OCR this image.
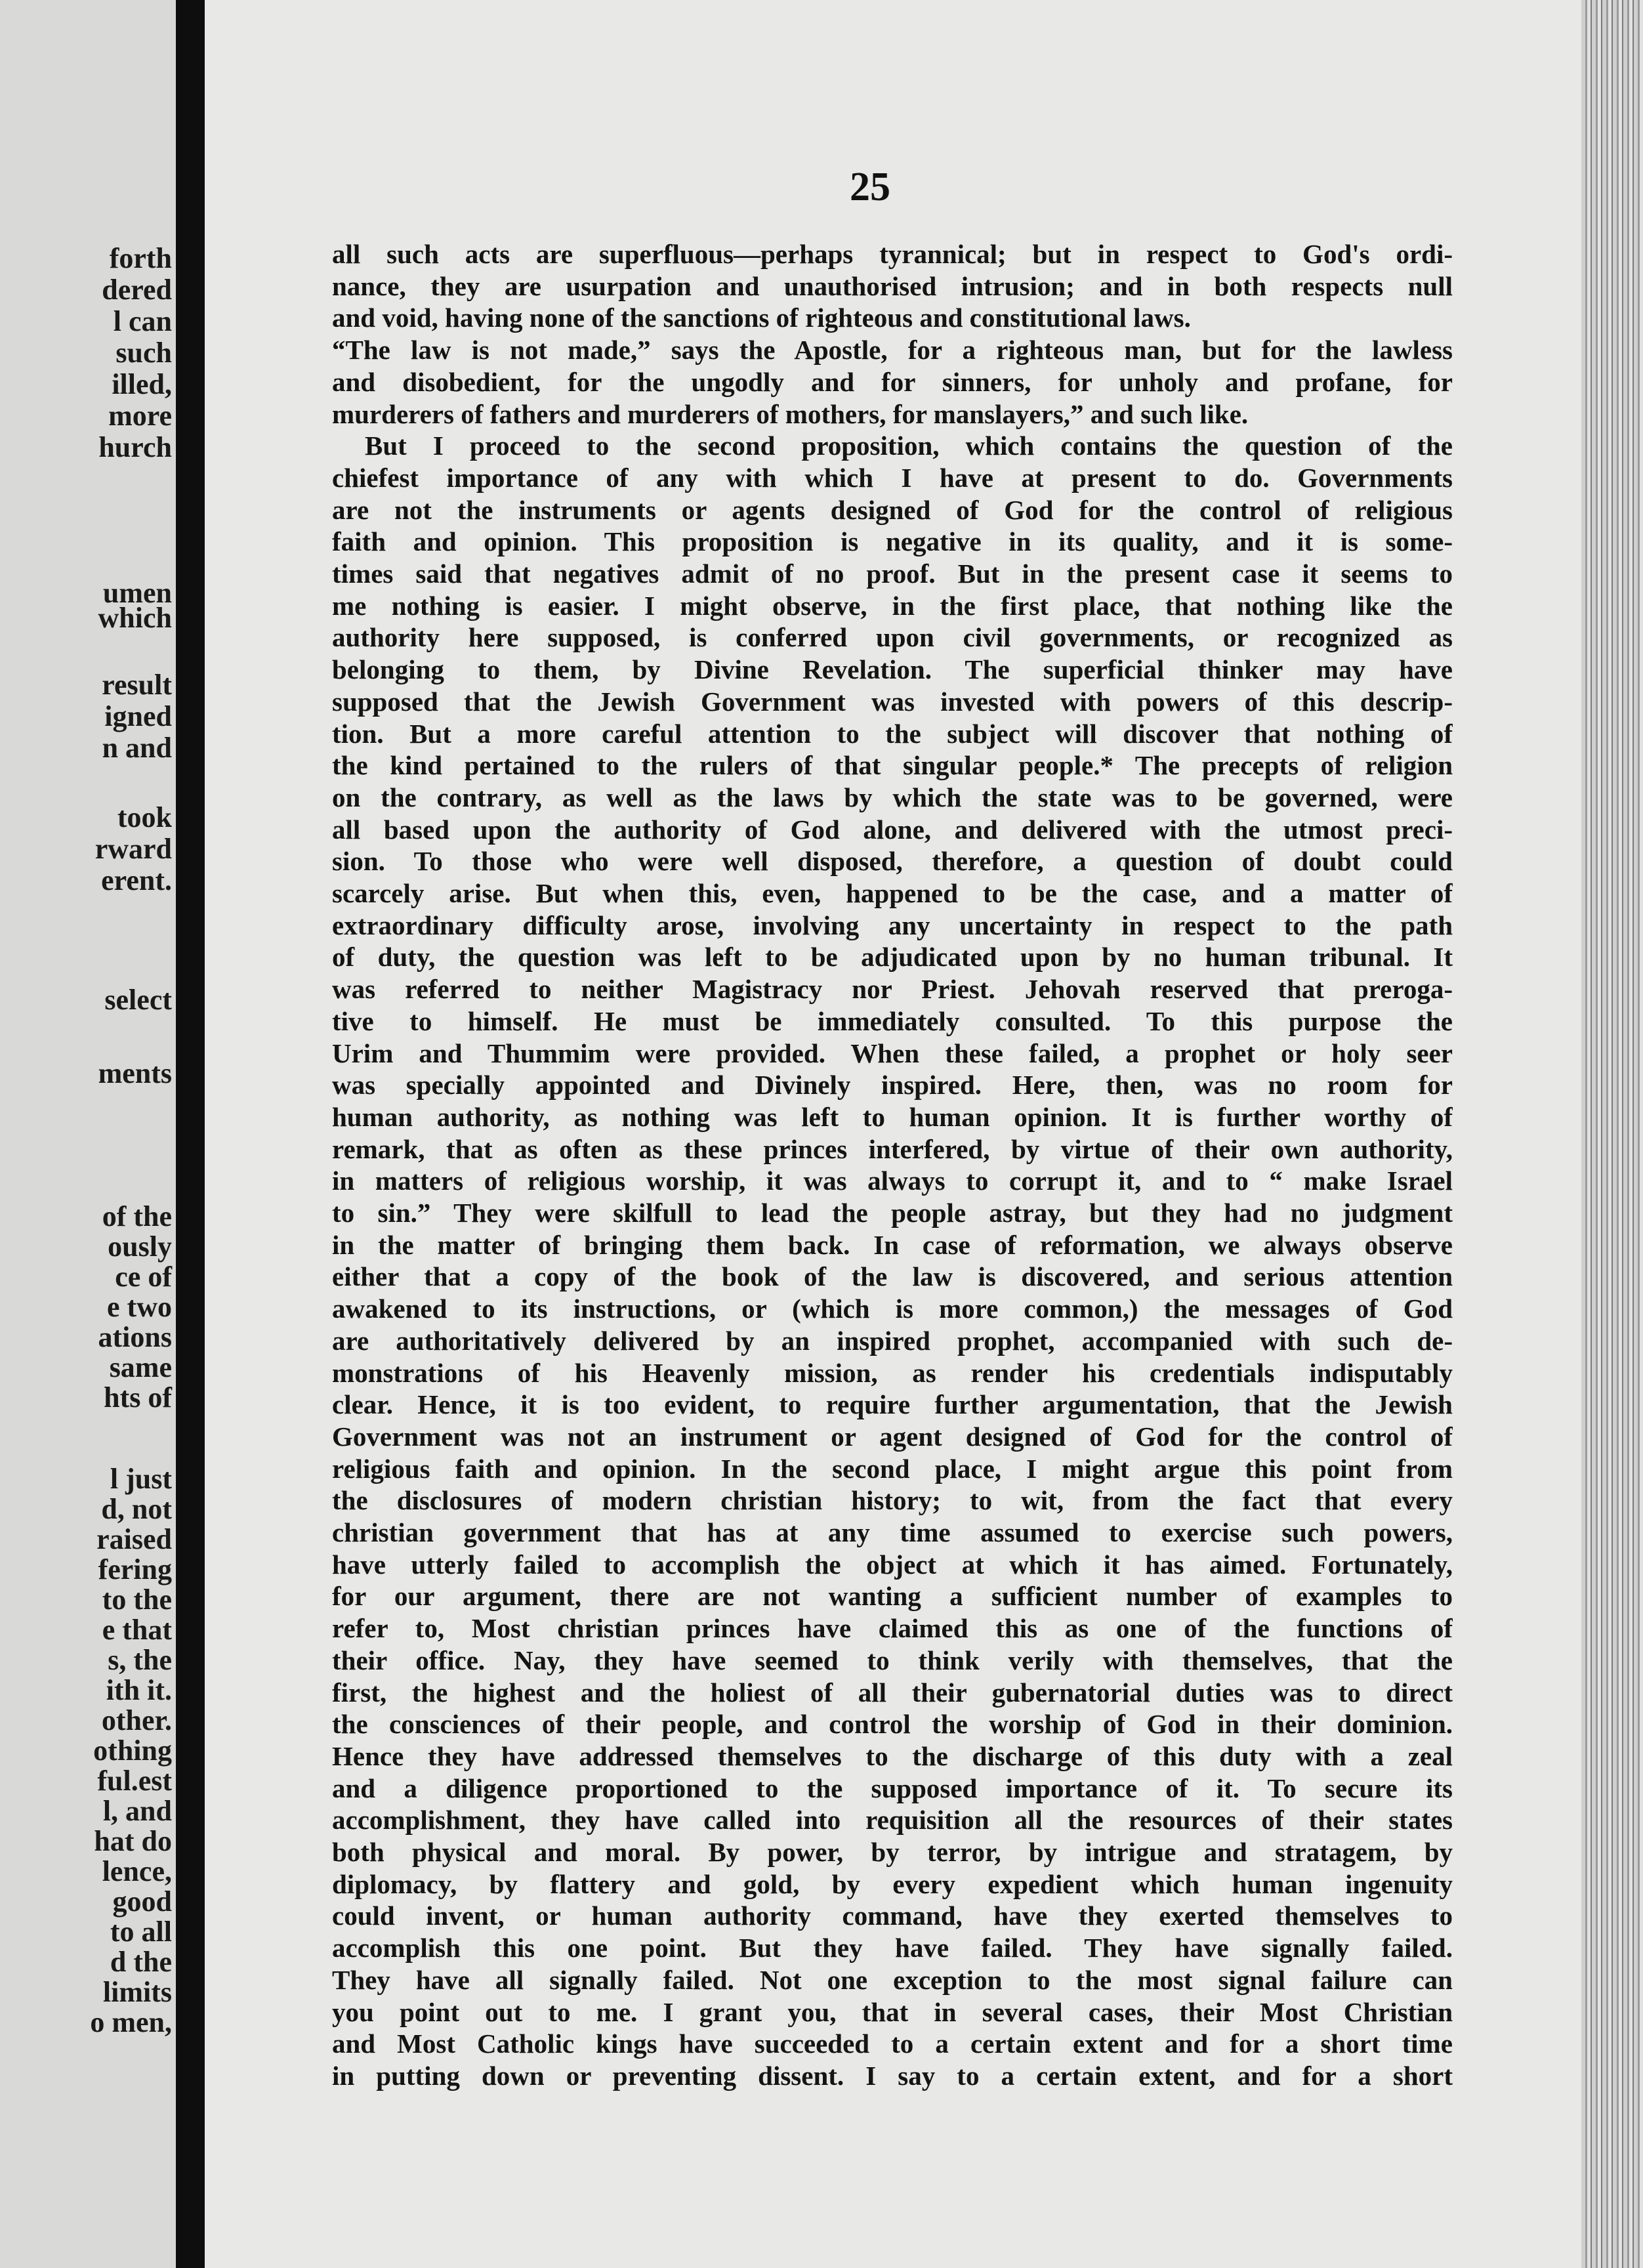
forth
dered
l can
such
illed,
more
hurch
umen
which
result
igned
n and
took
rward
erent.
select
ments
of the
ously
ce of
e two
ations
same
hts of
l just
d, not
raised
fering
to the
e that
s, the
ith it.
other.
othing
ful.est
l, and
hat do
lence,
good
to all
d the
limits
o men,
25
all such acts are superfluous—perhaps tyrannical; but in respect to God's ordi-
nance, they are usurpation and unauthorised intrusion; and in both respects null
and void, having none of the sanctions of righteous and constitutional laws.
“The law is not made,” says the Apostle, for a righteous man, but for the lawless
and disobedient, for the ungodly and for sinners, for unholy and profane, for
murderers of fathers and murderers of mothers, for manslayers,” and such like.
But I proceed to the second proposition, which contains the question of the
chiefest importance of any with which I have at present to do. Governments
are not the instruments or agents designed of God for the control of religious
faith and opinion. This proposition is negative in its quality, and it is some-
times said that negatives admit of no proof. But in the present case it seems to
me nothing is easier. I might observe, in the first place, that nothing like the
authority here supposed, is conferred upon civil governments, or recognized as
belonging to them, by Divine Revelation. The superficial thinker may have
supposed that the Jewish Government was invested with powers of this descrip-
tion. But a more careful attention to the subject will discover that nothing of
the kind pertained to the rulers of that singular people.* The precepts of religion
on the contrary, as well as the laws by which the state was to be governed, were
all based upon the authority of God alone, and delivered with the utmost preci-
sion. To those who were well disposed, therefore, a question of doubt could
scarcely arise. But when this, even, happened to be the case, and a matter of
extraordinary difficulty arose, involving any uncertainty in respect to the path
of duty, the question was left to be adjudicated upon by no human tribunal. It
was referred to neither Magistracy nor Priest. Jehovah reserved that preroga-
tive to himself. He must be immediately consulted. To this purpose the
Urim and Thummim were provided. When these failed, a prophet or holy seer
was specially appointed and Divinely inspired. Here, then, was no room for
human authority, as nothing was left to human opinion. It is further worthy of
remark, that as often as these princes interfered, by virtue of their own authority,
in matters of religious worship, it was always to corrupt it, and to “ make Israel
to sin.” They were skilfull to lead the people astray, but they had no judgment
in the matter of bringing them back. In case of reformation, we always observe
either that a copy of the book of the law is discovered, and serious attention
awakened to its instructions, or (which is more common,) the messages of God
are authoritatively delivered by an inspired prophet, accompanied with such de-
monstrations of his Heavenly mission, as render his credentials indisputably
clear. Hence, it is too evident, to require further argumentation, that the Jewish
Government was not an instrument or agent designed of God for the control of
religious faith and opinion. In the second place, I might argue this point from
the disclosures of modern christian history; to wit, from the fact that every
christian government that has at any time assumed to exercise such powers,
have utterly failed to accomplish the object at which it has aimed. Fortunately,
for our argument, there are not wanting a sufficient number of examples to
refer to, Most christian princes have claimed this as one of the functions of
their office. Nay, they have seemed to think verily with themselves, that the
first, the highest and the holiest of all their gubernatorial duties was to direct
the consciences of their people, and control the worship of God in their dominion.
Hence they have addressed themselves to the discharge of this duty with a zeal
and a diligence proportioned to the supposed importance of it. To secure its
accomplishment, they have called into requisition all the resources of their states
both physical and moral. By power, by terror, by intrigue and stratagem, by
diplomacy, by flattery and gold, by every expedient which human ingenuity
could invent, or human authority command, have they exerted themselves to
accomplish this one point. But they have failed. They have signally failed.
They have all signally failed. Not one exception to the most signal failure can
you point out to me. I grant you, that in several cases, their Most Christian
and Most Catholic kings have succeeded to a certain extent and for a short time
in putting down or preventing dissent. I say to a certain extent, and for a short
